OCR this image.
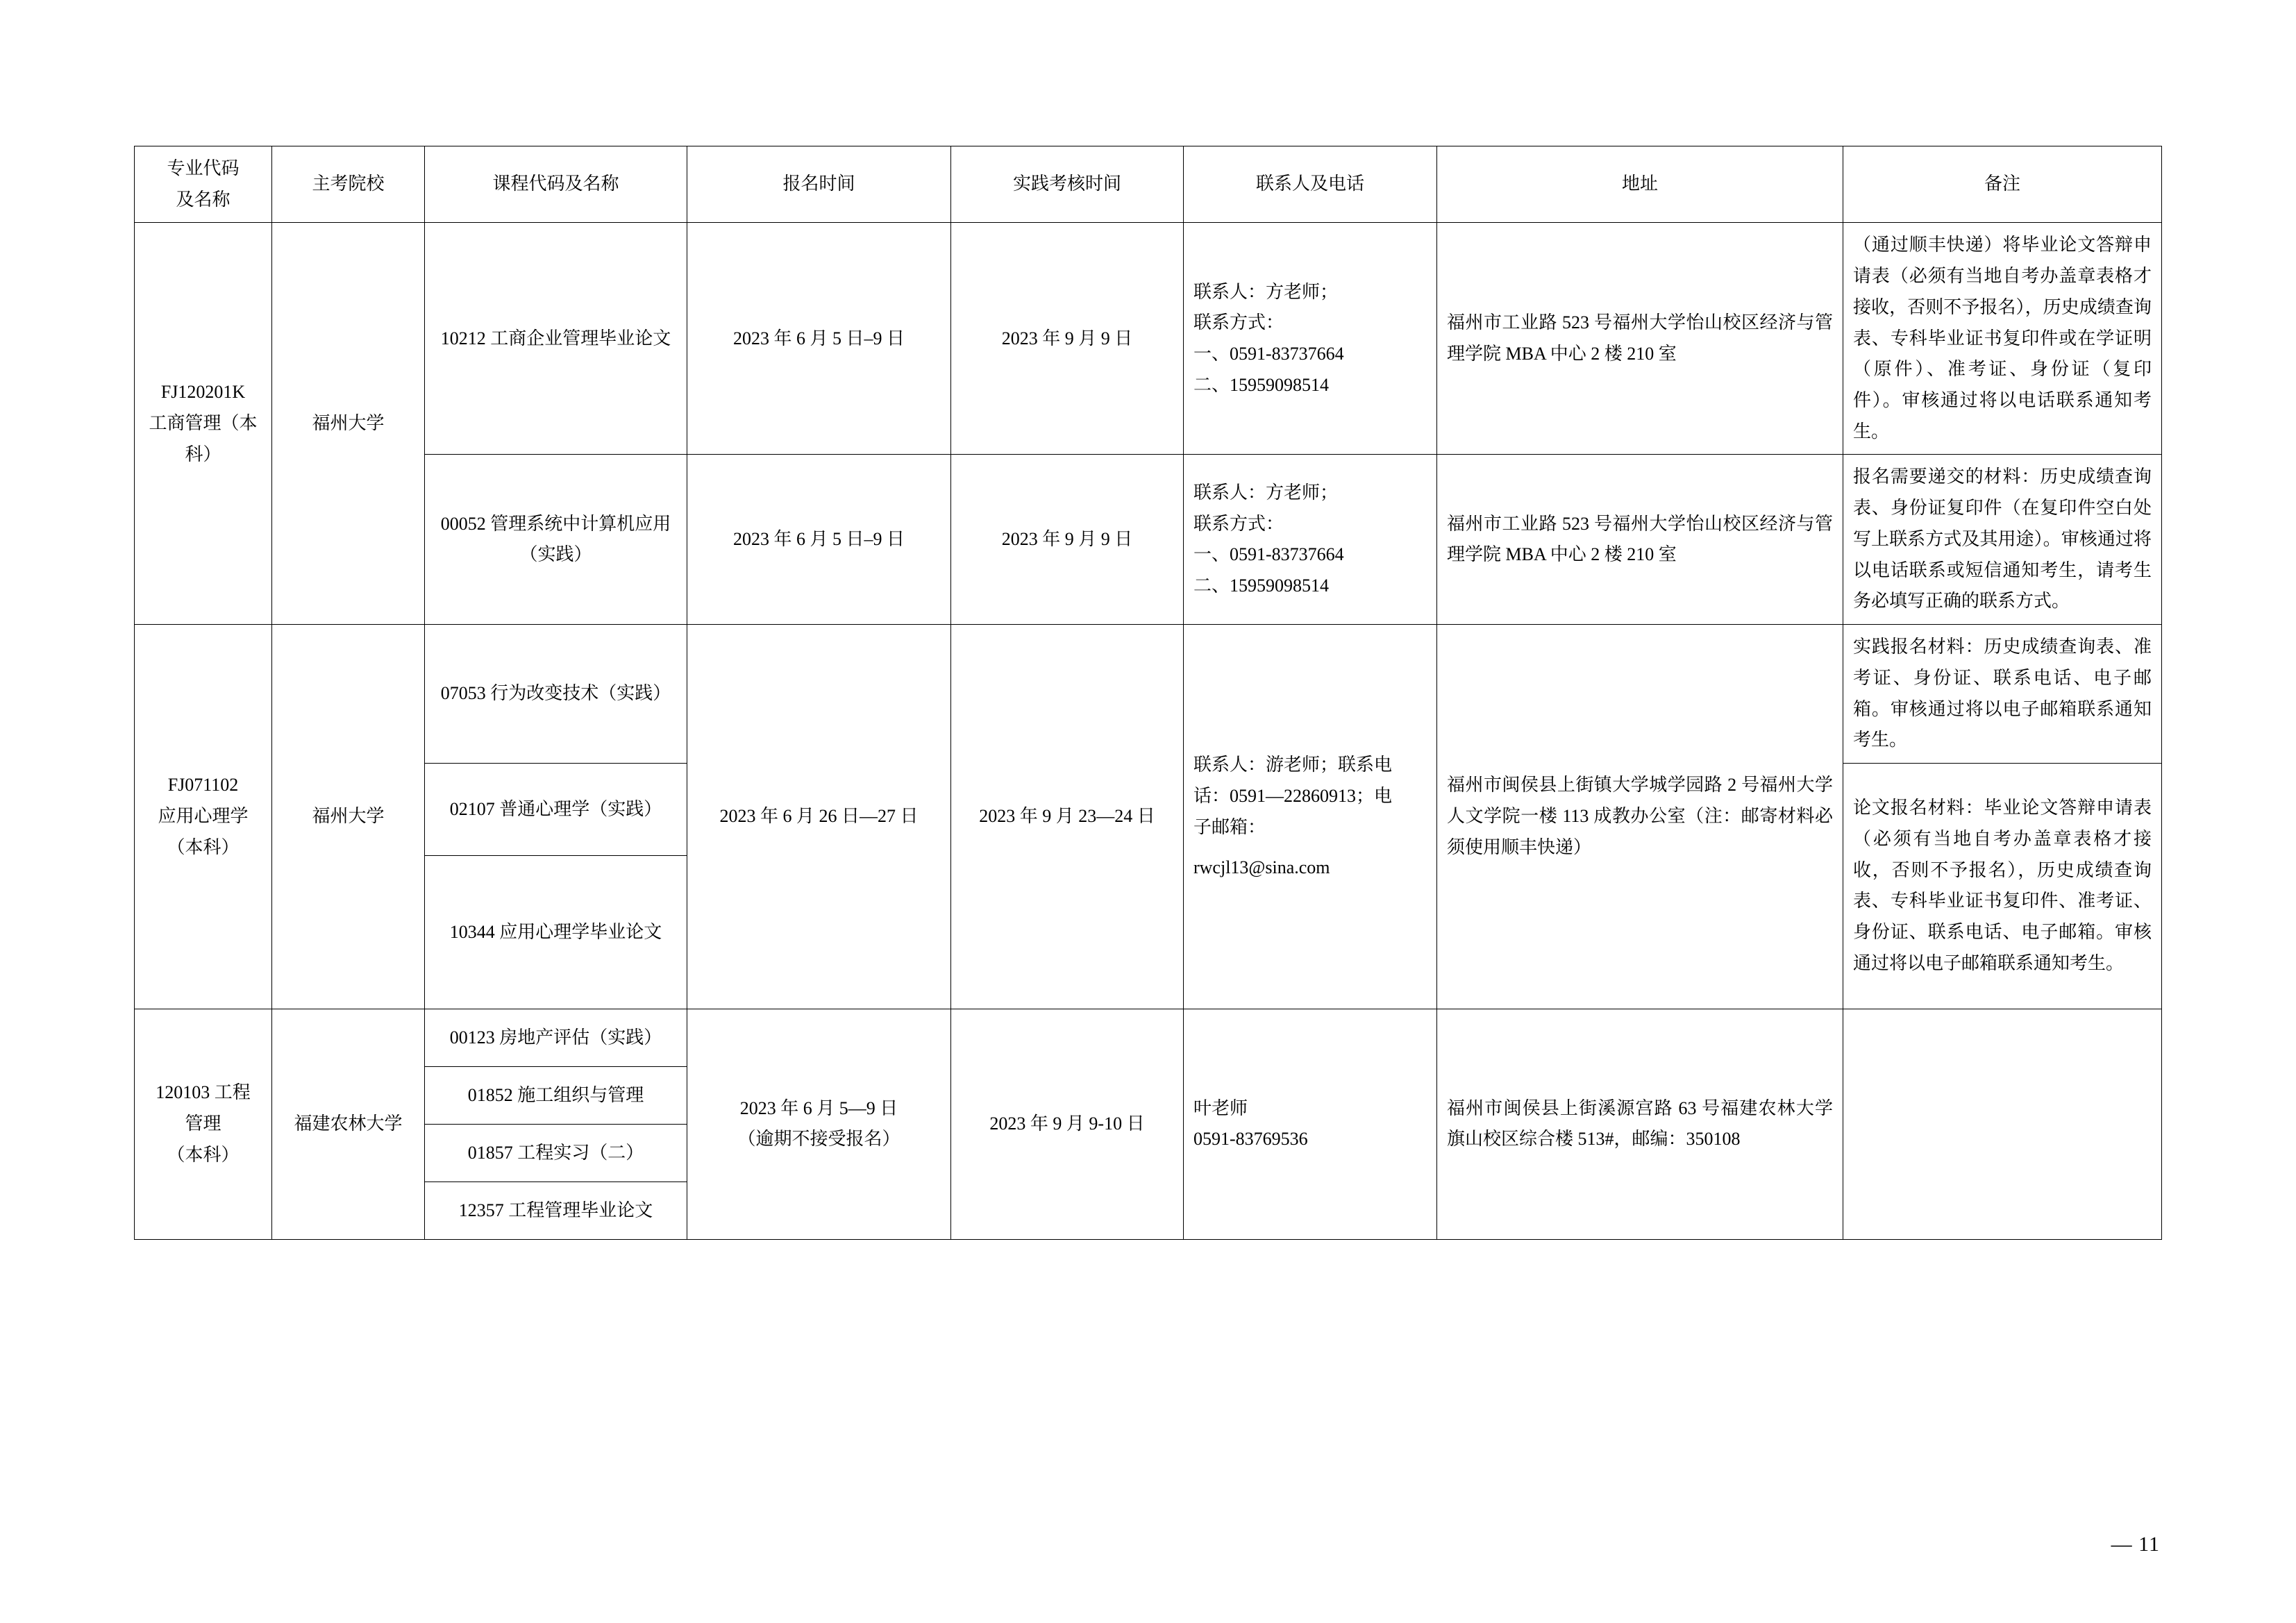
专业代码
及名称	主考院校	课程代码及名称	报名时间	实践考核时间	联系人及电话	地址	备注

FJ120201K
工商管理（本
科）	福州大学	10212 工商企业管理毕业论文	2023 年 6 月 5 日–9 日	2023 年 9 月 9 日	联系人：方老师；
联系方式：
一、0591-83737664
二、15959098514	福州市工业路 523 号福州大学怡山校区经济与管理学院 MBA 中心 2 楼 210 室	（通过顺丰快递）将毕业论文答辩申请表（必须有当地自考办盖章表格才接收，否则不予报名），历史成绩查询表、专科毕业证书复印件或在学证明（原件）、准考证、身份证（复印件）。审核通过将以电话联系通知考生。
		00052 管理系统中计算机应用（实践）	2023 年 6 月 5 日–9 日	2023 年 9 月 9 日	联系人：方老师；
联系方式：
一、0591-83737664
二、15959098514	福州市工业路 523 号福州大学怡山校区经济与管理学院 MBA 中心 2 楼 210 室	报名需要递交的材料：历史成绩查询表、身份证复印件（在复印件空白处写上联系方式及其用途）。审核通过将以电话联系或短信通知考生，请考生务必填写正确的联系方式。

FJ071102
应用心理学
（本科）	福州大学	07053 行为改变技术（实践）	2023 年 6 月 26 日—27 日	2023 年 9 月 23—24 日	联系人：游老师；联系电
话：0591—22860913；电
子邮箱：
rwcjl13@sina.com	福州市闽侯县上街镇大学城学园路 2 号福州大学人文学院一楼 113 成教办公室（注：邮寄材料必须使用顺丰快递）	实践报名材料：历史成绩查询表、准考证、身份证、联系电话、电子邮箱。审核通过将以电子邮箱联系通知考生。
		02107 普通心理学（实践）					论文报名材料：毕业论文答辩申请表（必须有当地自考办盖章表格才接收，否则不予报名），历史成绩查询表、专科毕业证书复印件、准考证、身份证、联系电话、电子邮箱。审核通过将以电子邮箱联系通知考生。
		10344 应用心理学毕业论文					

120103 工程
管理
（本科）	福建农林大学	00123 房地产评估（实践）	2023 年 6 月 5—9 日
（逾期不接受报名）	2023 年 9 月 9-10 日	叶老师
0591-83769536	福州市闽侯县上街溪源宫路 63 号福建农林大学旗山校区综合楼 513#，邮编：350108	
		01852 施工组织与管理					
		01857 工程实习（二）					
		12357 工程管理毕业论文					
— 11
